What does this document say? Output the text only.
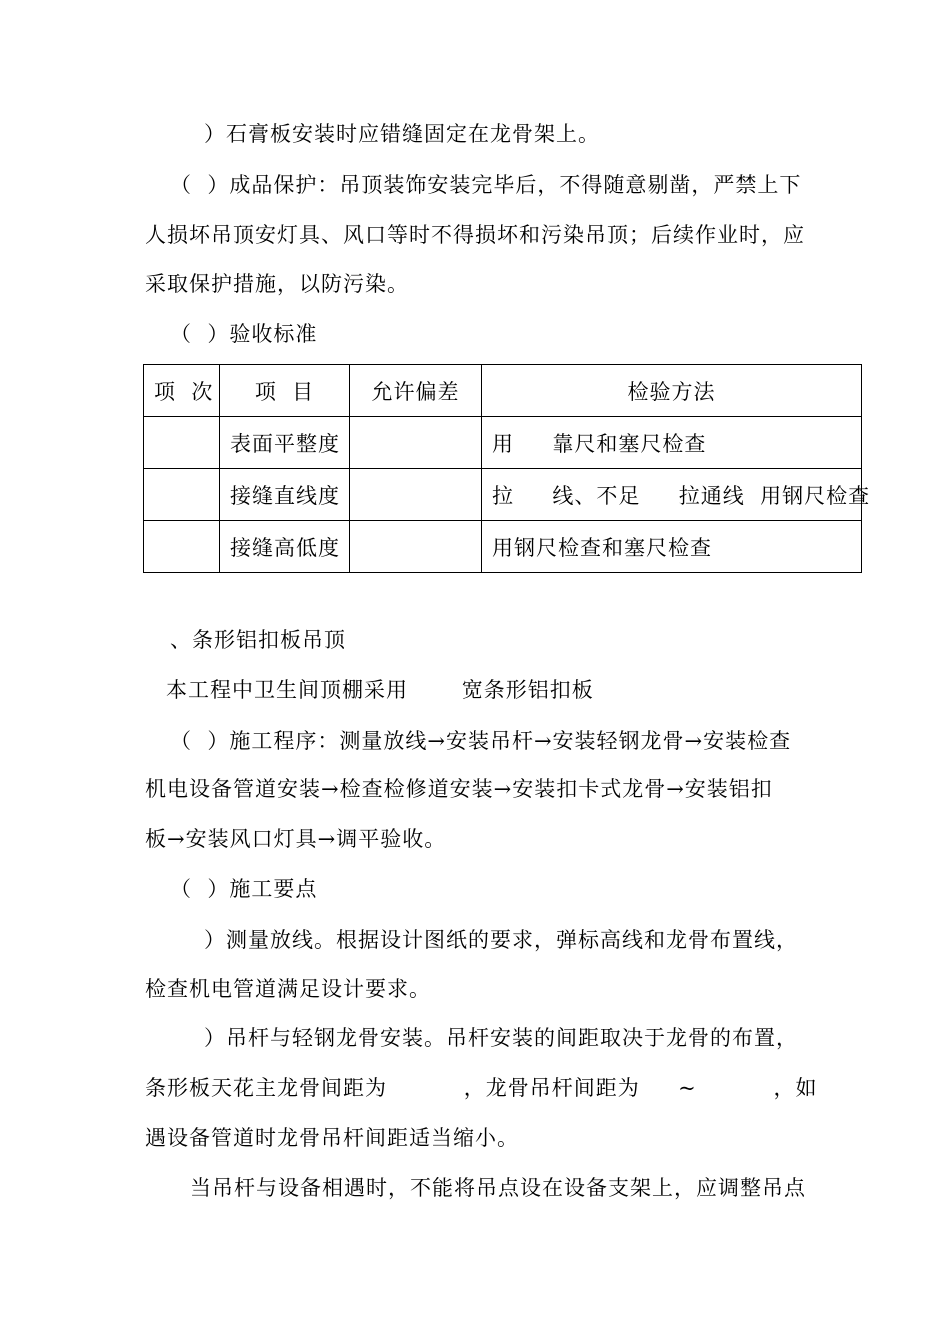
）石膏板安装时应错缝固定在龙骨架上。
（  ）成品保护：吊顶装饰安装完毕后，不得随意剔凿，严禁上下
人损坏吊顶安灯具、风口等时不得损坏和污染吊顶；后续作业时，应
采取保护措施，以防污染。
（  ）验收标准
项  次	项  目	允许偏差	检验方法
	表面平整度		用     靠尺和塞尺检查
	接缝直线度		拉     线、不足     拉通线  用钢尺检查
	接缝高低度		用钢尺检查和塞尺检查
、条形铝扣板吊顶
本工程中卫生间顶棚采用       宽条形铝扣板
（  ）施工程序：测量放线→安装吊杆→安装轻钢龙骨→安装检查
机电设备管道安装→检查检修道安装→安装扣卡式龙骨→安装铝扣
板→安装风口灯具→调平验收。
（  ）施工要点
）测量放线。根据设计图纸的要求，弹标高线和龙骨布置线，
检查机电管道满足设计要求。
）吊杆与轻钢龙骨安装。吊杆安装的间距取决于龙骨的布置，
条形板天花主龙骨间距为          ，龙骨吊杆间距为     ~          ，如
遇设备管道时龙骨吊杆间距适当缩小。
当吊杆与设备相遇时，不能将吊点设在设备支架上，应调整吊点
